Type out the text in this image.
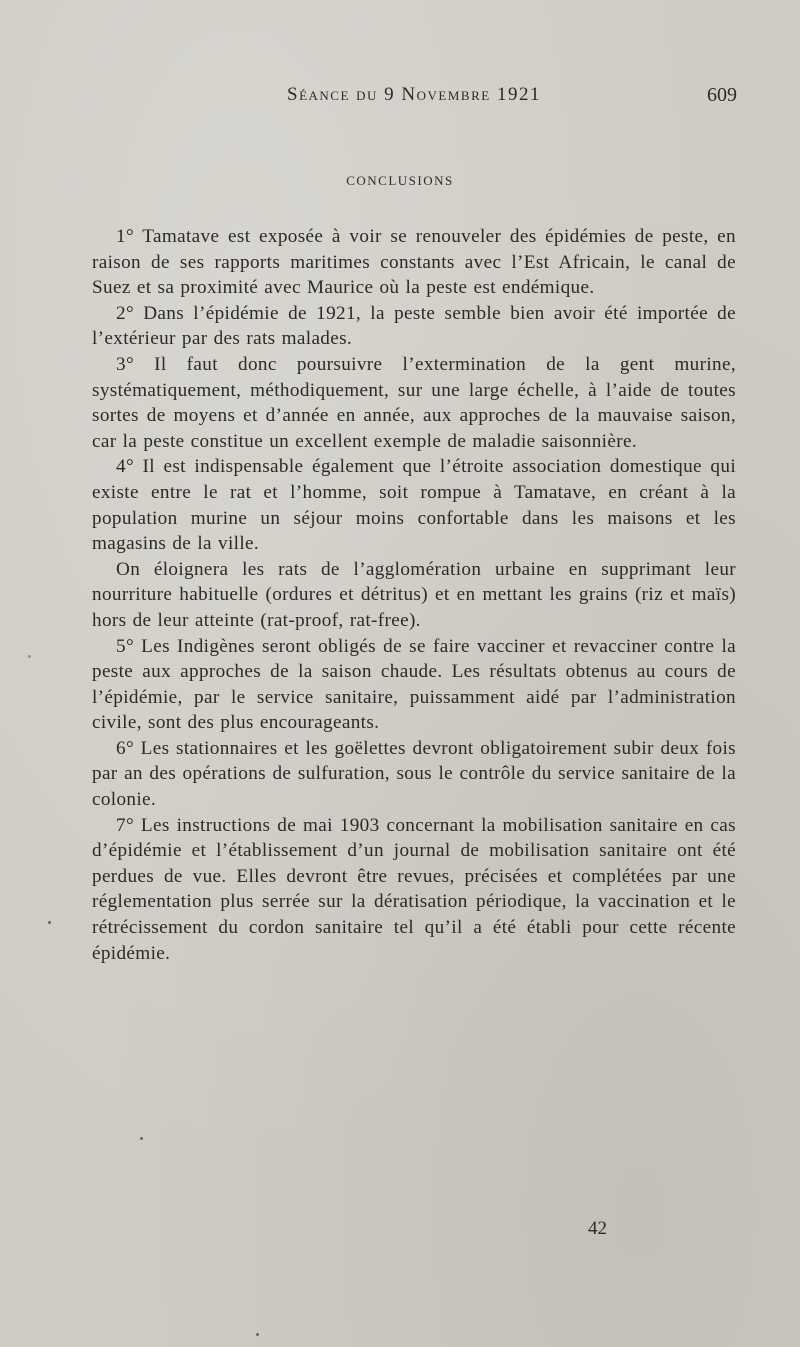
Séance du 9 Novembre 1921	609
CONCLUSIONS

1° Tamatave est exposée à voir se renouveler des épidémies de peste, en raison de ses rapports maritimes constants avec l’Est Africain, le canal de Suez et sa proximité avec Maurice où la peste est endémique.

2° Dans l’épidémie de 1921, la peste semble bien avoir été importée de l’extérieur par des rats malades.

3° Il faut donc poursuivre l’extermination de la gent murine, systématiquement, méthodiquement, sur une large échelle, à l’aide de toutes sortes de moyens et d’année en année, aux approches de la mauvaise saison, car la peste constitue un excellent exemple de maladie saisonnière.

4° Il est indispensable également que l’étroite association domestique qui existe entre le rat et l’homme, soit rompue à Tamatave, en créant à la population murine un séjour moins confortable dans les maisons et les magasins de la ville.

On éloignera les rats de l’agglomération urbaine en supprimant leur nourriture habituelle (ordures et détritus) et en mettant les grains (riz et maïs) hors de leur atteinte (rat-proof, rat-free).

5° Les Indigènes seront obligés de se faire vacciner et revacciner contre la peste aux approches de la saison chaude. Les résultats obtenus au cours de l’épidémie, par le service sanitaire, puissamment aidé par l’administration civile, sont des plus encourageants.

6° Les stationnaires et les goëlettes devront obligatoirement subir deux fois par an des opérations de sulfuration, sous le contrôle du service sanitaire de la colonie.

7° Les instructions de mai 1903 concernant la mobilisation sanitaire en cas d’épidémie et l’établissement d’un journal de mobilisation sanitaire ont été perdues de vue. Elles devront être revues, précisées et complétées par une réglementation plus serrée sur la dératisation périodique, la vaccination et le rétrécissement du cordon sanitaire tel qu’il a été établi pour cette récente épidémie.

42
